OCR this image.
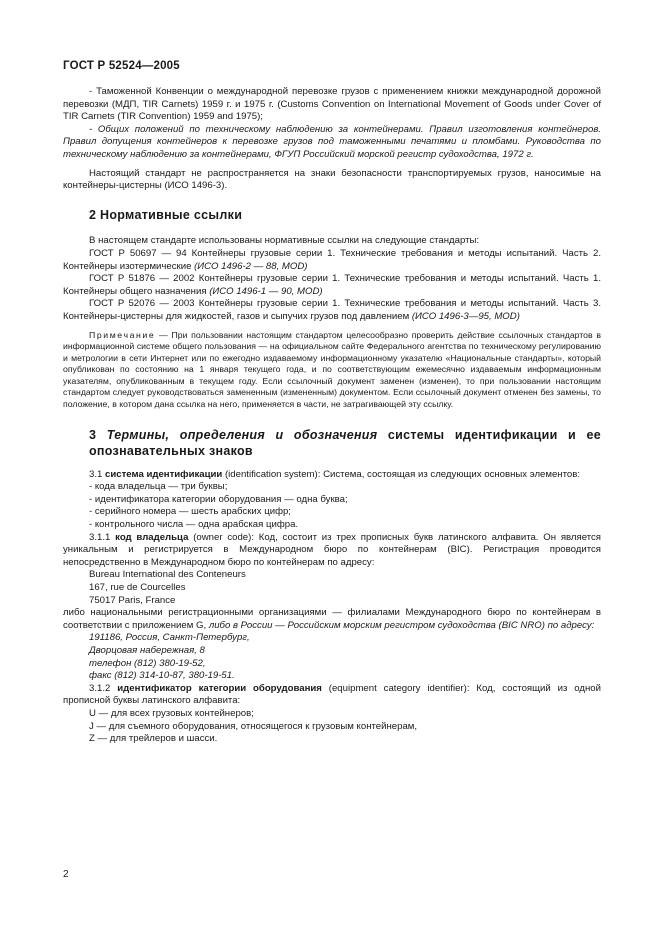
ГОСТ Р 52524—2005

- Таможенной Конвенции о международной перевозке грузов с применением книжки международной дорожной перевозки (МДП, TIR Carnets) 1959 г. и 1975 г. (Customs Convention on International Movement of Goods under Cover of TIR Carnets (TIR Convention) 1959 and 1975);

- Общих положений по техническому наблюдению за контейнерами. Правил изготовления контейнеров. Правил допущения контейнеров к перевозке грузов под таможенными печатями и пломбами. Руководства по техническому наблюдению за контейнерами, ФГУП Российский морской регистр судоходства, 1972 г.

Настоящий стандарт не распространяется на знаки безопасности транспортируемых грузов, наносимые на контейнеры-цистерны (ИСО 1496-3).

2 Нормативные ссылки

В настоящем стандарте использованы нормативные ссылки на следующие стандарты:

ГОСТ Р 50697 — 94 Контейнеры грузовые серии 1. Технические требования и методы испытаний. Часть 2. Контейнеры изотермические (ИСО 1496-2 — 88, MOD)

ГОСТ Р 51876 — 2002 Контейнеры грузовые серии 1. Технические требования и методы испытаний. Часть 1. Контейнеры общего назначения (ИСО 1496-1 — 90, MOD)

ГОСТ Р 52076 — 2003 Контейнеры грузовые серии 1. Технические требования и методы испытаний. Часть 3. Контейнеры-цистерны для жидкостей, газов и сыпучих грузов под давлением (ИСО 1496-3—95, MOD)

Примечание — При пользовании настоящим стандартом целесообразно проверить действие ссылочных стандартов в информационной системе общего пользования — на официальном сайте Федерального агентства по техническому регулированию и метрологии в сети Интернет или по ежегодно издаваемому информационному указателю «Национальные стандарты», который опубликован по состоянию на 1 января текущего года, и по соответствующим ежемесячно издаваемым информационным указателям, опубликованным в текущем году. Если ссылочный документ заменен (изменен), то при пользовании настоящим стандартом следует руководствоваться замененным (измененным) документом. Если ссылочный документ отменен без замены, то положение, в котором дана ссылка на него, применяется в части, не затрагивающей эту ссылку.

3 Термины, определения и обозначения системы идентификации и ее опознавательных знаков

3.1 система идентификации (identification system): Система, состоящая из следующих основных элементов:

- кода владельца — три буквы;

- идентификатора категории оборудования — одна буква;

- серийного номера — шесть арабских цифр;

- контрольного числа — одна арабская цифра.

3.1.1 код владельца (owner code): Код, состоит из трех прописных букв латинского алфавита. Он является уникальным и регистрируется в Международном бюро по контейнерам (BIC). Регистрация проводится непосредственно в Международном бюро по контейнерам по адресу:

Bureau International des Conteneurs

167, rue de Courcelles

75017 Paris, France

либо национальными регистрационными организациями — филиалами Международного бюро по контейнерам в соответствии с приложением G, либо в России — Российским морским регистром судоходства (BIC NRO) по адресу:

191186, Россия, Санкт-Петербург,

Дворцовая набережная, 8

телефон (812) 380-19-52,

факс (812) 314-10-87, 380-19-51.

3.1.2 идентификатор категории оборудования (equipment category identifier): Код, состоящий из одной прописной буквы латинского алфавита:

U — для всех грузовых контейнеров;

J — для съемного оборудования, относящегося к грузовым контейнерам,

Z — для трейлеров и шасси.

2
